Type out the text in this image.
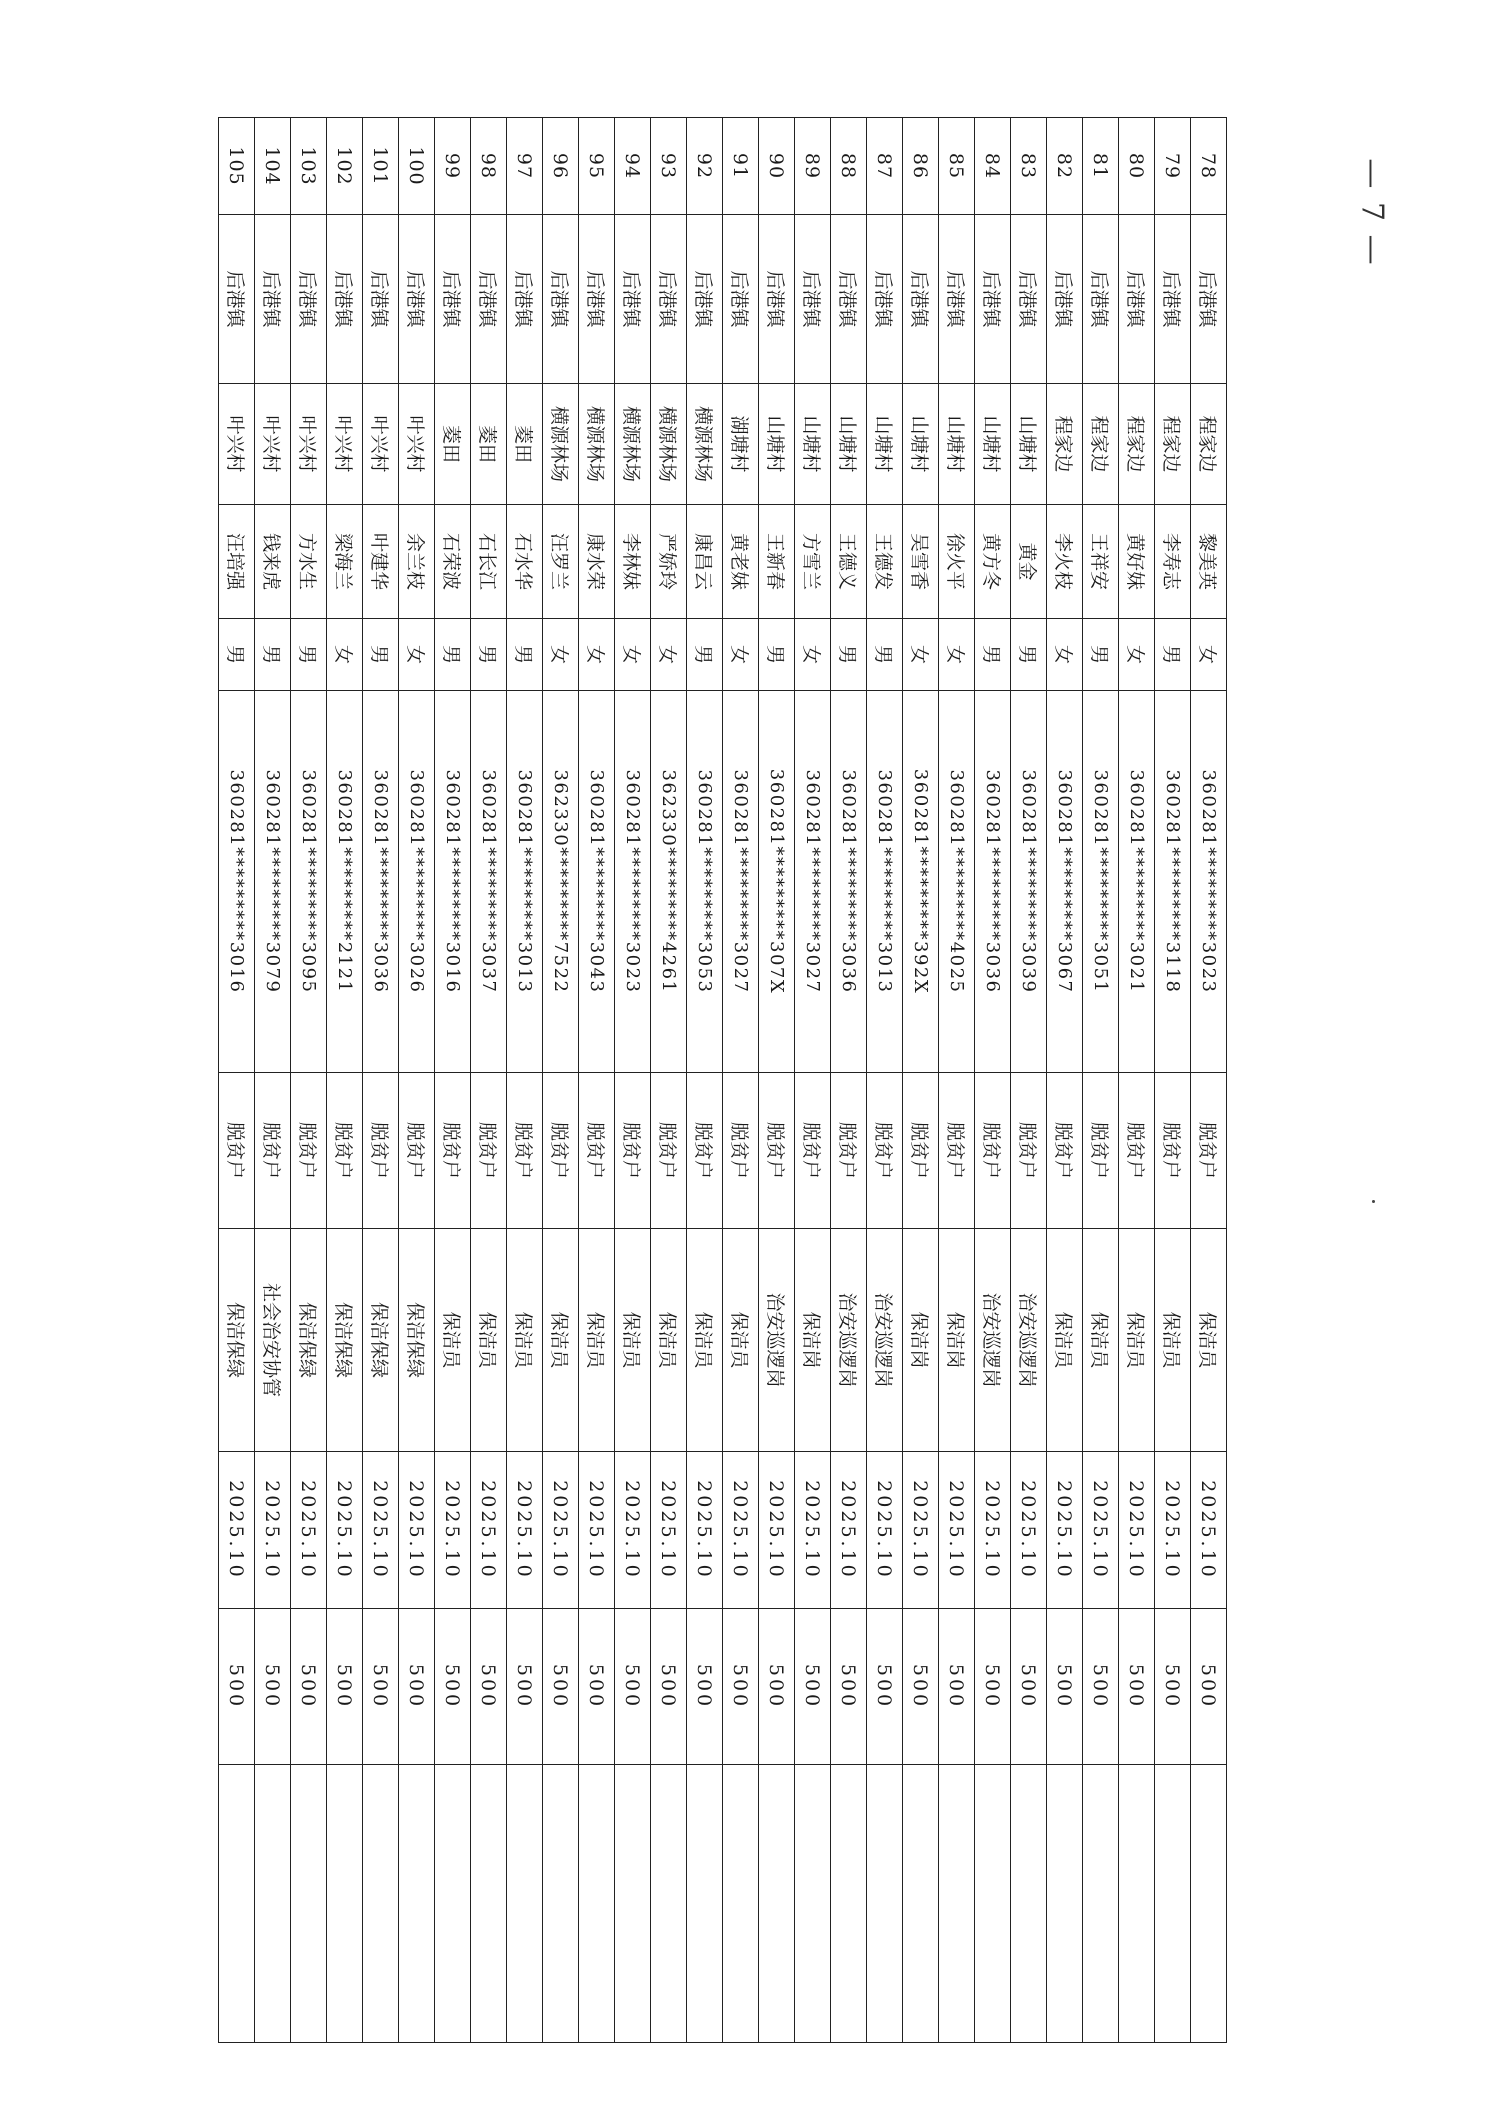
78	后港镇	程家边	黎美英	女	360281*********3023	脱贫户	保洁员	2025.10	500	
79	后港镇	程家边	李寿志	男	360281*********3118	脱贫户	保洁员	2025.10	500	
80	后港镇	程家边	黄好妹	女	360281*********3021	脱贫户	保洁员	2025.10	500	
81	后港镇	程家边	王祥安	男	360281*********3051	脱贫户	保洁员	2025.10	500	
82	后港镇	程家边	李火枝	女	360281*********3067	脱贫户	保洁员	2025.10	500	
83	后港镇	山塘村	黄金	男	360281*********3039	脱贫户	治安巡逻岗	2025.10	500	
84	后港镇	山塘村	黄方冬	男	360281*********3036	脱贫户	治安巡逻岗	2025.10	500	
85	后港镇	山塘村	徐火平	女	360281*********4025	脱贫户	保洁岗	2025.10	500	
86	后港镇	山塘村	吴雪香	女	360281*********392X	脱贫户	保洁岗	2025.10	500	
87	后港镇	山塘村	王德发	男	360281*********3013	脱贫户	治安巡逻岗	2025.10	500	
88	后港镇	山塘村	王德义	男	360281*********3036	脱贫户	治安巡逻岗	2025.10	500	
89	后港镇	山塘村	方雪兰	女	360281*********3027	脱贫户	保洁岗	2025.10	500	
90	后港镇	山塘村	王新春	男	360281*********307X	脱贫户	治安巡逻岗	2025.10	500	
91	后港镇	湖塘村	黄老妹	女	360281*********3027	脱贫户	保洁员	2025.10	500	
92	后港镇	横源林场	康昌云	男	360281*********3053	脱贫户	保洁员	2025.10	500	
93	后港镇	横源林场	严娇玲	女	362330*********4261	脱贫户	保洁员	2025.10	500	
94	后港镇	横源林场	李林妹	女	360281*********3023	脱贫户	保洁员	2025.10	500	
95	后港镇	横源林场	康水荣	女	360281*********3043	脱贫户	保洁员	2025.10	500	
96	后港镇	横源林场	汪罗兰	女	362330*********7522	脱贫户	保洁员	2025.10	500	
97	后港镇	菱田	石水华	男	360281*********3013	脱贫户	保洁员	2025.10	500	
98	后港镇	菱田	石长江	男	360281*********3037	脱贫户	保洁员	2025.10	500	
99	后港镇	菱田	石荣波	男	360281*********3016	脱贫户	保洁员	2025.10	500	
100	后港镇	叶兴村	余兰枝	女	360281*********3026	脱贫户	保洁保绿	2025.10	500	
101	后港镇	叶兴村	叶建华	男	360281*********3036	脱贫户	保洁保绿	2025.10	500	
102	后港镇	叶兴村	梁海兰	女	360281*********2121	脱贫户	保洁保绿	2025.10	500	
103	后港镇	叶兴村	方水生	男	360281*********3095	脱贫户	保洁保绿	2025.10	500	
104	后港镇	叶兴村	钱来虎	男	360281*********3079	脱贫户	社会治安协管	2025.10	500	
105	后港镇	叶兴村	汪培强	男	360281*********3016	脱贫户	保洁保绿	2025.10	500	
— 7 —
